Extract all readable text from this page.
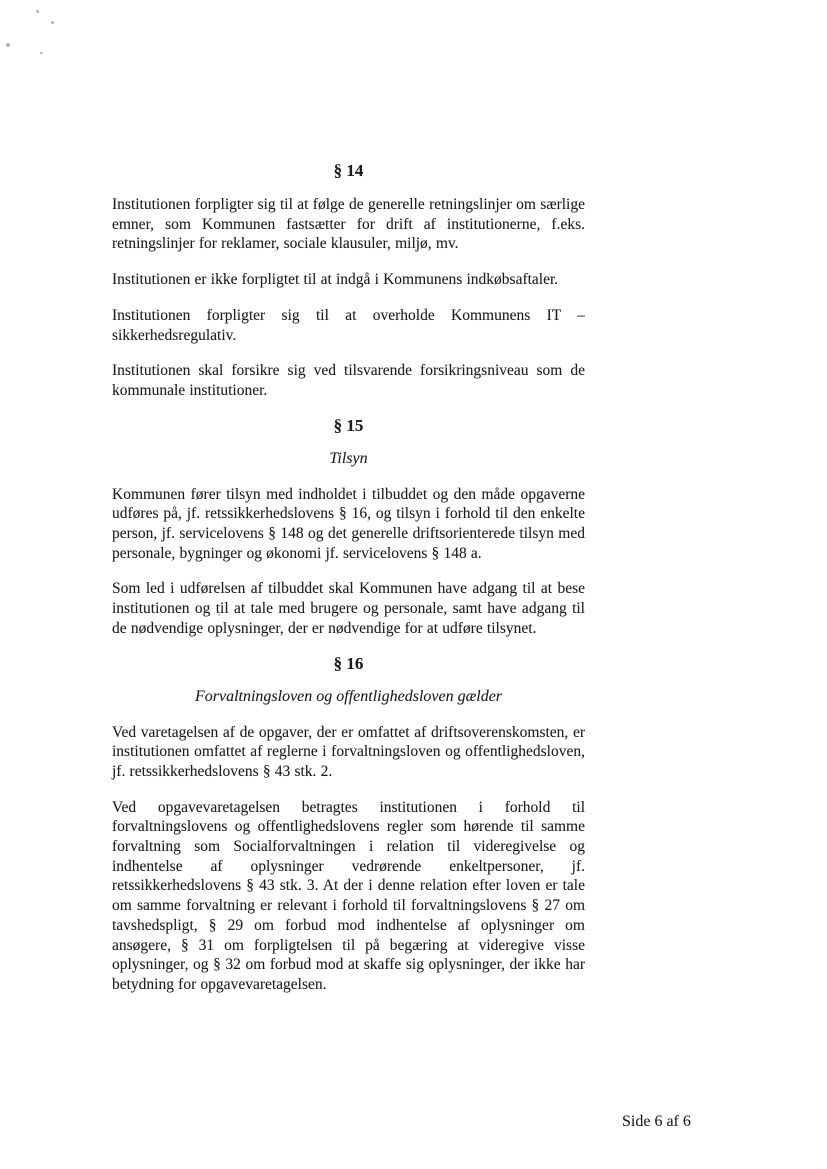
§ 14

Institutionen forpligter sig til at følge de generelle retningslinjer om særlige emner, som Kommunen fastsætter for drift af institutionerne, f.eks. retningslinjer for reklamer, sociale klausuler, miljø, mv.

Institutionen er ikke forpligtet til at indgå i Kommunens indkøbsaftaler.

Institutionen forpligter sig til at overholde Kommunens IT – sikkerhedsregulativ.

Institutionen skal forsikre sig ved tilsvarende forsikringsniveau som de kommunale institutioner.

§ 15
Tilsyn

Kommunen fører tilsyn med indholdet i tilbuddet og den måde opgaverne udføres på, jf. retssikkerhedslovens § 16, og tilsyn i forhold til den enkelte person, jf. servicelovens § 148 og det generelle driftsorienterede tilsyn med personale, bygninger og økonomi jf. servicelovens § 148 a.

Som led i udførelsen af tilbuddet skal Kommunen have adgang til at bese institutionen og til at tale med brugere og personale, samt have adgang til de nødvendige oplysninger, der er nødvendige for at udføre tilsynet.

§ 16
Forvaltningsloven og offentlighedsloven gælder

Ved varetagelsen af de opgaver, der er omfattet af driftsoverenskomsten, er institutionen omfattet af reglerne i forvaltningsloven og offentlighedsloven, jf. retssikkerhedslovens § 43 stk. 2.

Ved opgavevaretagelsen betragtes institutionen i forhold til forvaltningslovens og offentlighedslovens regler som hørende til samme forvaltning som Socialforvaltningen i relation til videregivelse og indhentelse af oplysninger vedrørende enkeltpersoner, jf. retssikkerhedslovens § 43 stk. 3. At der i denne relation efter loven er tale om samme forvaltning er relevant i forhold til forvaltningslovens § 27 om tavshedspligt, § 29 om forbud mod indhentelse af oplysninger om ansøgere, § 31 om forpligtelsen til på begæring at videregive visse oplysninger, og § 32 om forbud mod at skaffe sig oplysninger, der ikke har betydning for opgavevaretagelsen.

Side 6 af 6
